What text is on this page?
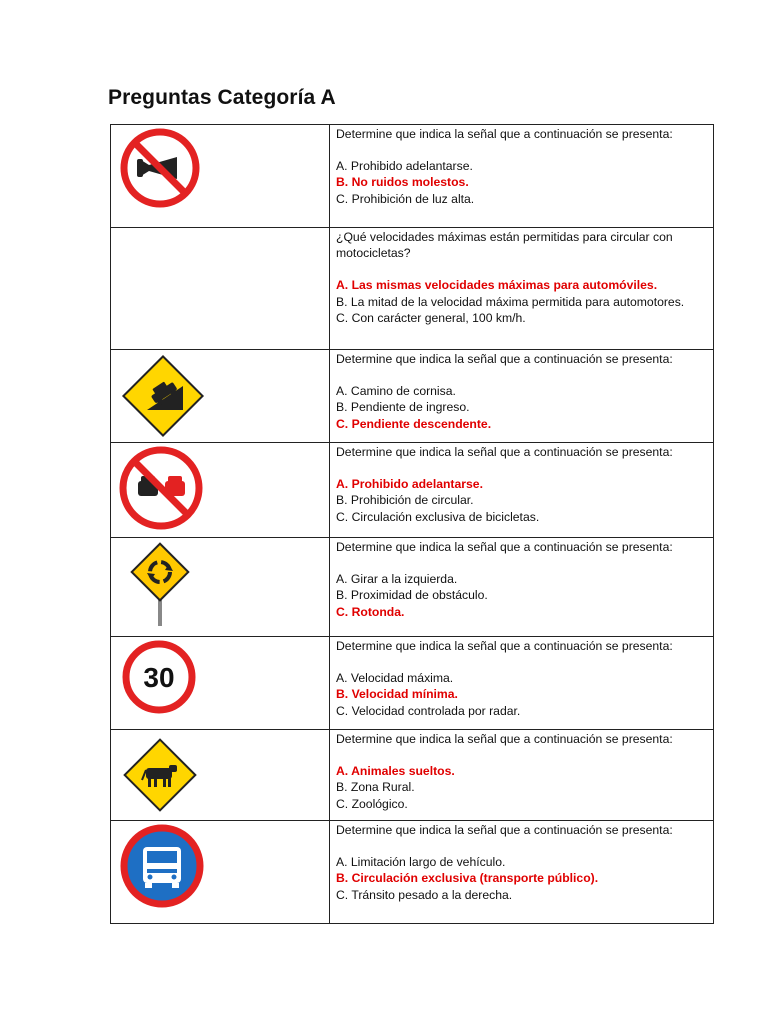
Preguntas Categoría A

Determine que indica la señal que a continuación se presenta:

A. Prohibido adelantarse.

B. No ruidos molestos.

C. Prohibición de luz alta.

	¿Qué velocidades máximas están permitidas para circular con motocicletas?

A. Las mismas velocidades máximas para automóviles.

B. La mitad de la velocidad máxima permitida para automotores.

C. Con carácter general, 100 km/h.

Determine que indica la señal que a continuación se presenta:

A. Camino de cornisa.

B. Pendiente de ingreso.

C. Pendiente descendente.

Determine que indica la señal que a continuación se presenta:

A. Prohibido adelantarse.

B. Prohibición de circular.

C. Circulación exclusiva de bicicletas.

Determine que indica la señal que a continuación se presenta:

A. Girar a la izquierda.

B. Proximidad de obstáculo.

C. Rotonda.

30	Determine que indica la señal que a continuación se presenta:

A. Velocidad máxima.

B. Velocidad mínima.

C. Velocidad controlada por radar.

Determine que indica la señal que a continuación se presenta:

A. Animales sueltos.

B. Zona Rural.

C. Zoológico.

Determine que indica la señal que a continuación se presenta:

A. Limitación largo de vehículo.

B. Circulación exclusiva (transporte público).

C. Tránsito pesado a la derecha.
